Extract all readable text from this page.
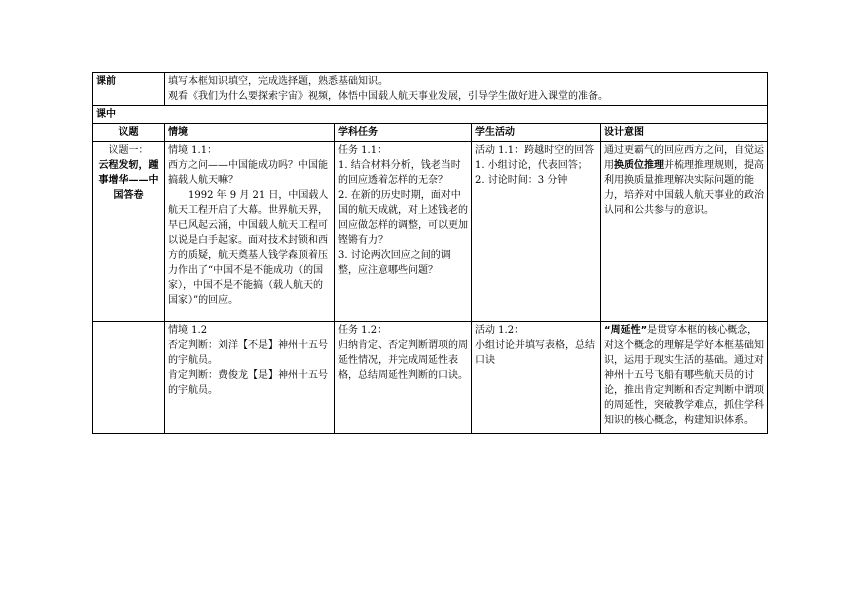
课前	填写本框知识填空，完成选择题，熟悉基础知识。
观看《我们为什么要探索宇宙》视频，体悟中国载人航天事业发展，引导学生做好进入课堂的准备。			

课中				
议题	情境	学科任务	学生活动	设计意图

议题一：
云程发轫，踵事增华——中国答卷	情境 1.1：
西方之问——中国能成功吗？中国能搞载人航天嘛？
1992 年 9 月 21 日，中国载人航天工程开启了大幕。世界航天界，早已风起云涌，中国载人航天工程可以说是白手起家。面对技术封锁和西方的质疑，航天奠基人钱学森顶着压力作出了“中国不是不能成功（的国家），中国不是不能搞（载人航天的国家）”的回应。	任务 1.1：
1. 结合材料分析，钱老当时的回应透着怎样的无奈？
2. 在新的历史时期，面对中国的航天成就，对上述钱老的回应做怎样的调整，可以更加铿锵有力？
3. 讨论两次回应之间的调整，应注意哪些问题？	活动 1.1：跨越时空的回答
1. 小组讨论，代表回答；
2. 讨论时间：3 分钟	通过更霸气的回应西方之问，自觉运用换质位推理并梳理推理规则，提高利用换质量推理解决实际问题的能力，培养对中国载人航天事业的政治认同和公共参与的意识。

	情境 1.2
否定判断：刘洋【不是】神州十五号的宇航员。
肯定判断：费俊龙【是】神州十五号的宇航员。	任务 1.2：
归纳肯定、否定判断谓项的周延性情况，并完成周延性表格，总结周延性判断的口诀。	活动 1.2：
小组讨论并填写表格，总结口诀	“周延性”是贯穿本框的核心概念，对这个概念的理解是学好本框基础知识，运用于现实生活的基础。通过对神州十五号飞船有哪些航天员的讨论，推出肯定判断和否定判断中谓项的周延性，突破教学难点，抓住学科知识的核心概念，构建知识体系。
